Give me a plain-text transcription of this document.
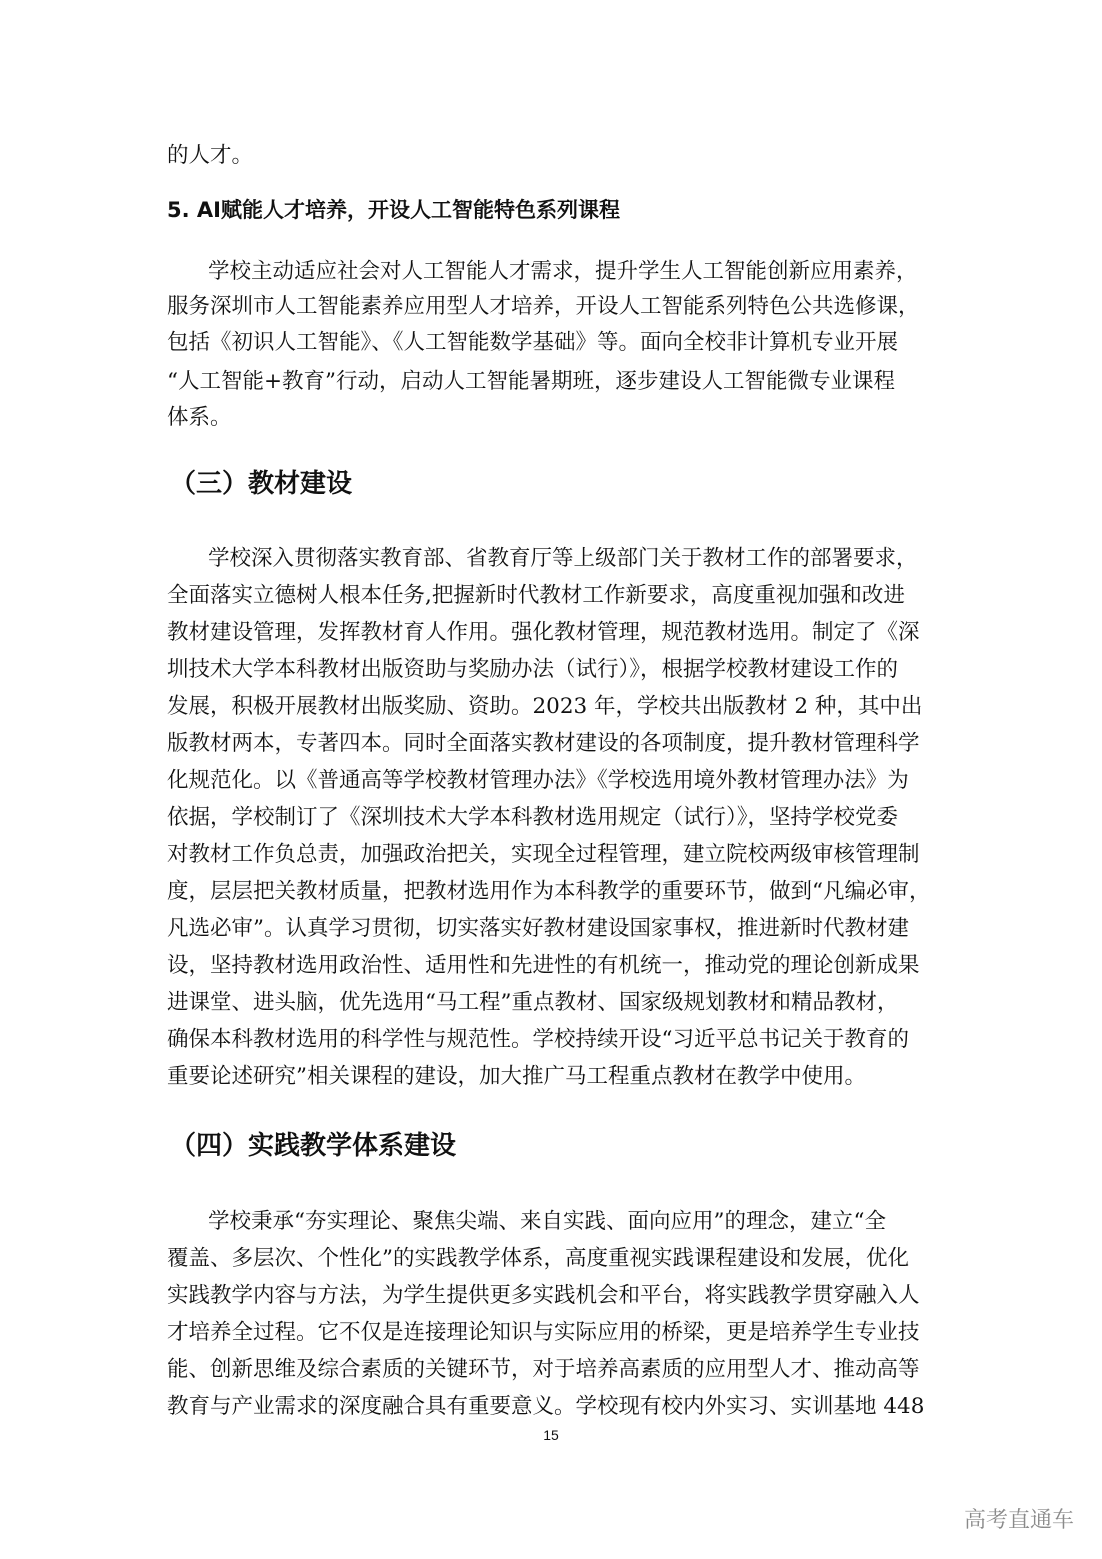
的人才。
5. AI赋能人才培养，开设人工智能特色系列课程
学校主动适应社会对人工智能人才需求，提升学生人工智能创新应用素养，
服务深圳市人工智能素养应用型人才培养，开设人工智能系列特色公共选修课，
包括《初识人工智能》、《人工智能数学基础》等。面向全校非计算机专业开展
“人工智能+教育”行动，启动人工智能暑期班，逐步建设人工智能微专业课程
体系。
（三）教材建设
学校深入贯彻落实教育部、省教育厅等上级部门关于教材工作的部署要求，
全面落实立德树人根本任务,把握新时代教材工作新要求，高度重视加强和改进
教材建设管理，发挥教材育人作用。强化教材管理，规范教材选用。制定了《深
圳技术大学本科教材出版资助与奖励办法（试行）》，根据学校教材建设工作的
发展，积极开展教材出版奖励、资助。2023 年，学校共出版教材 2 种，其中出
版教材两本，专著四本。同时全面落实教材建设的各项制度，提升教材管理科学
化规范化。以《普通高等学校教材管理办法》《学校选用境外教材管理办法》为
依据，学校制订了《深圳技术大学本科教材选用规定（试行）》，坚持学校党委
对教材工作负总责，加强政治把关，实现全过程管理，建立院校两级审核管理制
度，层层把关教材质量，把教材选用作为本科教学的重要环节，做到“凡编必审，
凡选必审”。认真学习贯彻，切实落实好教材建设国家事权，推进新时代教材建
设，坚持教材选用政治性、适用性和先进性的有机统一，推动党的理论创新成果
进课堂、进头脑，优先选用“马工程”重点教材、国家级规划教材和精品教材，
确保本科教材选用的科学性与规范性。学校持续开设“习近平总书记关于教育的
重要论述研究”相关课程的建设，加大推广马工程重点教材在教学中使用。
（四）实践教学体系建设
学校秉承“夯实理论、聚焦尖端、来自实践、面向应用”的理念，建立“全
覆盖、多层次、个性化”的实践教学体系，高度重视实践课程建设和发展，优化
实践教学内容与方法，为学生提供更多实践机会和平台，将实践教学贯穿融入人
才培养全过程。它不仅是连接理论知识与实际应用的桥梁，更是培养学生专业技
能、创新思维及综合素质的关键环节，对于培养高素质的应用型人才、推动高等
教育与产业需求的深度融合具有重要意义。学校现有校内外实习、实训基地 448
15
高考直通车
